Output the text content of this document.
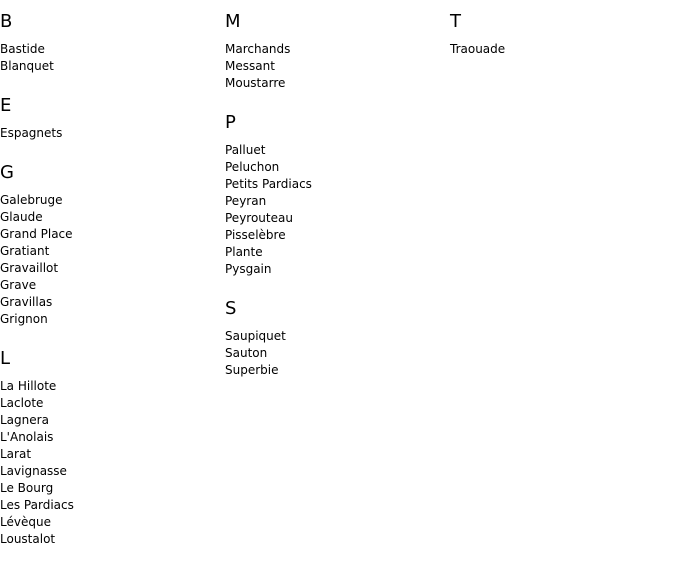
B
Bastide
Blanquet
E
Espagnets
G
Galebruge
Glaude
Grand Place
Gratiant
Gravaillot
Grave
Gravillas
Grignon
L
La Hillote
Laclote
Lagnera
L'Anolais
Larat
Lavignasse
Le Bourg
Les Pardiacs
Lévèque
Loustalot
M
Marchands
Messant
Moustarre
P
Palluet
Peluchon
Petits Pardiacs
Peyran
Peyrouteau
Pisselèbre
Plante
Pysgain
S
Saupiquet
Sauton
Superbie
T
Traouade
